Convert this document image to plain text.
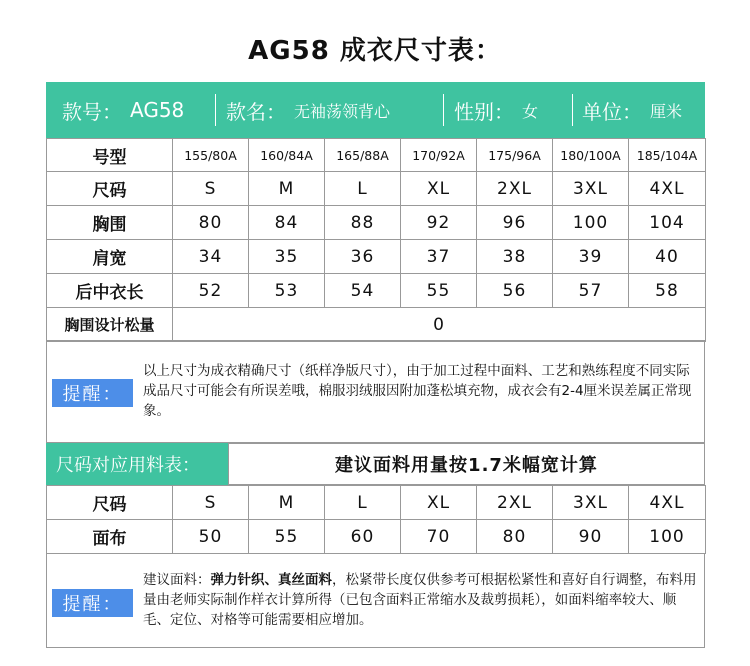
AG58 成衣尺寸表：
款号： AG58 款名： 无袖荡领背心	性别： 女 单位： 厘米
号型	155/80A	160/84A	165/88A	170/92A	175/96A	180/100A	185/104A
尺码	S	M	L	XL	2XL	3XL	4XL
胸围	80	84	88	92	96	100	104
肩宽	34	35	36	37	38	39	40
后中衣长	52	53	54	55	56	57	58
胸围设计松量	0						
提醒：
以上尺寸为成衣精确尺寸（纸样净版尺寸），由于加工过程中面料、工艺和熟练程度不同实际成品尺寸可能会有所误差哦，棉服羽绒服因附加蓬松填充物，成衣会有2-4厘米误差属正常现象。
尺码对应用料表：	建议面料用量按1.7米幅宽计算
尺码	S	M	L	XL	2XL	3XL	4XL
面布	50	55	60	70	80	90	100
提醒：
建议面料：弹力针织、真丝面料，松紧带长度仅供参考可根据松紧性和喜好自行调整，布料用量由老师实际制作样衣计算所得（已包含面料正常缩水及裁剪损耗），如面料缩率较大、顺毛、定位、对格等可能需要相应增加。
